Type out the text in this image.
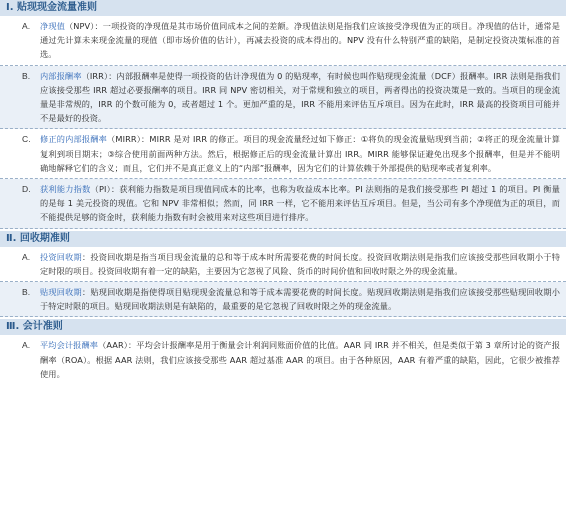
Ⅰ. 贴现现金流量准则
A. 净现值（NPV）：一项投资的净现值是其市场价值同成本之间的差额。净现值法则是指我们应该接受净现值为正的项目。净现值的估计，通常是通过先计算未来现金流量的现值（即市场价值的估计），再减去投资的成本得出的。NPV 没有什么特别严重的缺陷，是制定投资决策标准的首选。
B. 内部报酬率（IRR）：内部报酬率是使得一项投资的估计净现值为 0 的贴现率，有时候也叫作贴现现金流量（DCF）报酬率。IRR 法则是指我们应该接受那些 IRR 超过必要报酬率的项目。IRR 同 NPV 密切相关，对于常规和独立的项目，两者得出的投资决策是一致的。当项目的现金流量是非常规的，IRR 的个数可能为 0，或者超过 1 个。更加严重的是，IRR 不能用来评估互斥项目。因为在此时，IRR 最高的投资项目可能并不是最好的投资。
C. 修正的内部报酬率（MIRR）：MIRR 是对 IRR 的修正。项目的现金流量经过如下修正：①将负的现金流量贴现到当前；②将正的现金流量计算复利到项目期末；③综合使用前面两种方法。然后，根据修正后的现金流量计算出 IRR。MIRR 能够保证避免出现多个报酬率，但是并不能明确地解释它们的含义；而且，它们并不是真正意义上的“内部”报酬率，因为它们的计算依赖于外部提供的贴现率或者复利率。
D. 获利能力指数（PI）：获利能力指数是项目现值同成本的比率，也称为收益成本比率。PI 法则指的是我们接受那些 PI 超过 1 的项目。PI 衡量的是每 1 美元投资的现值。它和 NPV 非常相似；然而，同 IRR 一样，它不能用来评估互斥项目。但是，当公司有多个净现值为正的项目，而不能提供足够的资金时，获利能力指数有时会被用来对这些项目进行排序。
Ⅱ. 回收期准则
A. 投资回收期：投资回收期是指当项目现金流量的总和等于成本时所需要花费的时间长度。投资回收期法则是指我们应该接受那些回收期小于特定时限的项目。投资回收期有着一定的缺陷，主要因为它忽视了风险、货币的时间价值和回收时限之外的现金流量。
B. 贴现回收期：贴现回收期是指使得项目贴现现金流量总和等于成本需要花费的时间长度。贴现回收期法则是指我们应该接受那些贴现回收期小于特定时限的项目。贴现回收期法则是有缺陷的，最重要的是它忽视了回收时限之外的现金流量。
Ⅲ. 会计准则
A. 平均会计报酬率（AAR）：平均会计报酬率是用于衡量会计利润同账面价值的比值。AAR 同 IRR 并不相关，但是类似于第 3 章所讨论的资产报酬率（ROA）。根据 AAR 法则，我们应该接受那些 AAR 超过基准 AAR 的项目。由于各种原因，AAR 有着严重的缺陷，因此，它很少被推荐使用。
